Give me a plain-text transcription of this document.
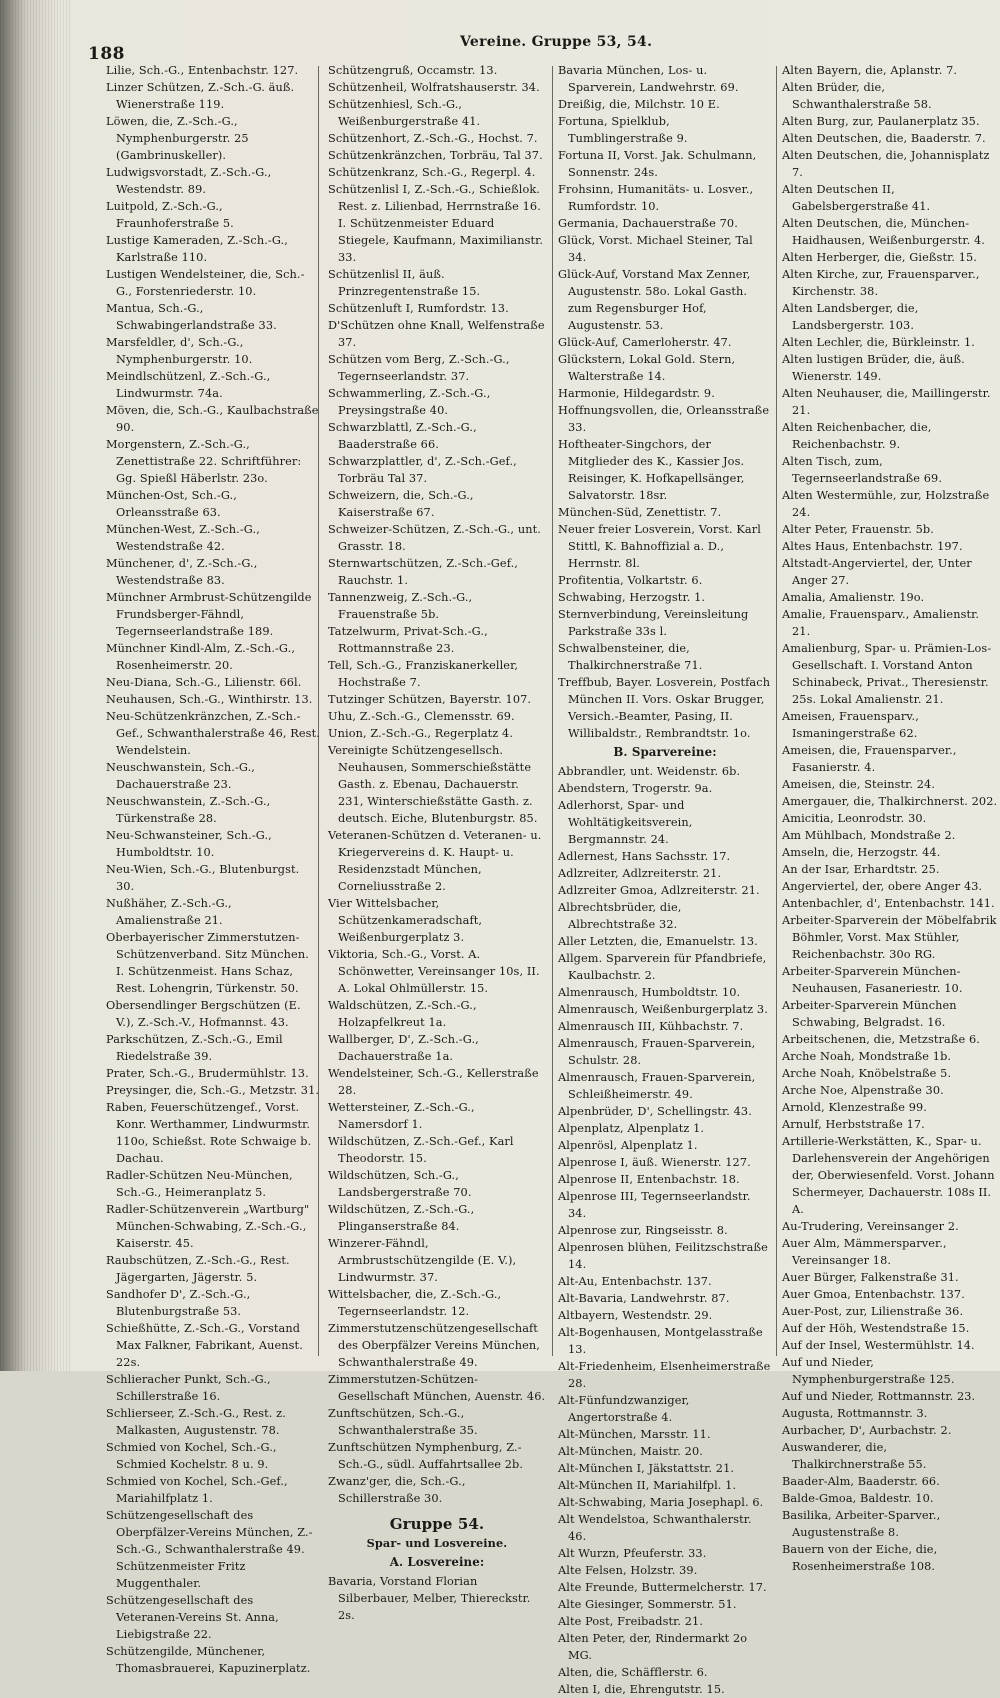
188
Vereine. Gruppe 53, 54.

Lilie, Sch.-G., Entenbachstr. 127.

Linzer Schützen, Z.-Sch.-G. äuß. Wienerstraße 119.

Löwen, die, Z.-Sch.-G., Nymphenburgerstr. 25 (Gambrinuskeller).

Ludwigsvorstadt, Z.-Sch.-G., Westendstr. 89.

Luitpold, Z.-Sch.-G., Fraunhoferstraße 5.

Lustige Kameraden, Z.-Sch.-G., Karlstraße 110.

Lustigen Wendelsteiner, die, Sch.-G., Forstenriederstr. 10.

Mantua, Sch.-G., Schwabingerlandstraße 33.

Marsfeldler, d', Sch.-G., Nymphenburgerstr. 10.

Meindlschützenl, Z.-Sch.-G., Lindwurmstr. 74a.

Möven, die, Sch.-G., Kaulbachstraße 90.

Morgenstern, Z.-Sch.-G., Zenettistraße 22. Schriftführer: Gg. Spießl Häberlstr. 23o.

München-Ost, Sch.-G., Orleansstraße 63.

München-West, Z.-Sch.-G., Westendstraße 42.

Münchener, d', Z.-Sch.-G., Westendstraße 83.

Münchner Armbrust-Schützengilde Frundsberger-Fähndl, Tegernseerlandstraße 189.

Münchner Kindl-Alm, Z.-Sch.-G., Rosenheimerstr. 20.

Neu-Diana, Sch.-G., Lilienstr. 66l.

Neuhausen, Sch.-G., Winthirstr. 13.

Neu-Schützenkränzchen, Z.-Sch.-Gef., Schwanthalerstraße 46, Rest. Wendelstein.

Neuschwanstein, Sch.-G., Dachauerstraße 23.

Neuschwanstein, Z.-Sch.-G., Türkenstraße 28.

Neu-Schwansteiner, Sch.-G., Humboldtstr. 10.

Neu-Wien, Sch.-G., Blutenburgst. 30.

Nußhäher, Z.-Sch.-G., Amalienstraße 21.

Oberbayerischer Zimmerstutzen-Schützenverband. Sitz München. I. Schützenmeist. Hans Schaz, Rest. Lohengrin, Türkenstr. 50.

Obersendlinger Bergschützen (E. V.), Z.-Sch.-V., Hofmannst. 43.

Parkschützen, Z.-Sch.-G., Emil Riedelstraße 39.

Prater, Sch.-G., Brudermühlstr. 13.

Preysinger, die, Sch.-G., Metzstr. 31.

Raben, Feuerschützengef., Vorst. Konr. Werthammer, Lindwurmstr. 110o, Schießst. Rote Schwaige b. Dachau.

Radler-Schützen Neu-München, Sch.-G., Heimeranplatz 5.

Radler-Schützenverein „Wartburg" München-Schwabing, Z.-Sch.-G., Kaiserstr. 45.

Raubschützen, Z.-Sch.-G., Rest. Jägergarten, Jägerstr. 5.

Sandhofer D', Z.-Sch.-G., Blutenburgstraße 53.

Schießhütte, Z.-Sch.-G., Vorstand Max Falkner, Fabrikant, Auenst. 22s.

Schlieracher Punkt, Sch.-G., Schillerstraße 16.

Schlierseer, Z.-Sch.-G., Rest. z. Malkasten, Augustenstr. 78.

Schmied von Kochel, Sch.-G., Schmied Kochelstr. 8 u. 9.

Schmied von Kochel, Sch.-Gef., Mariahilfplatz 1.

Schützengesellschaft des Oberpfälzer-Vereins München, Z.-Sch.-G., Schwanthalerstraße 49. Schützenmeister Fritz Muggenthaler.

Schützengesellschaft des Veteranen-Vereins St. Anna, Liebigstraße 22.

Schützengilde, Münchener, Thomasbrauerei, Kapuzinerplatz.

Schützengruß, Occamstr. 13.

Schützenheil, Wolfratshauserstr. 34.

Schützenhiesl, Sch.-G., Weißenburgerstraße 41.

Schützenhort, Z.-Sch.-G., Hochst. 7.

Schützenkränzchen, Torbräu, Tal 37.

Schützenkranz, Sch.-G., Regerpl. 4.

Schützenlisl I, Z.-Sch.-G., Schießlok. Rest. z. Lilienbad, Herrnstraße 16. I. Schützenmeister Eduard Stiegele, Kaufmann, Maximilianstr. 33.

Schützenlisl II, äuß. Prinzregentenstraße 15.

Schützenluft I, Rumfordstr. 13.

D'Schützen ohne Knall, Welfenstraße 37.

Schützen vom Berg, Z.-Sch.-G., Tegernseerlandstr. 37.

Schwammerling, Z.-Sch.-G., Preysingstraße 40.

Schwarzblattl, Z.-Sch.-G., Baaderstraße 66.

Schwarzplattler, d', Z.-Sch.-Gef., Torbräu Tal 37.

Schweizern, die, Sch.-G., Kaiserstraße 67.

Schweizer-Schützen, Z.-Sch.-G., unt. Grasstr. 18.

Sternwartschützen, Z.-Sch.-Gef., Rauchstr. 1.

Tannenzweig, Z.-Sch.-G., Frauenstraße 5b.

Tatzelwurm, Privat-Sch.-G., Rottmannstraße 23.

Tell, Sch.-G., Franziskanerkeller, Hochstraße 7.

Tutzinger Schützen, Bayerstr. 107.

Uhu, Z.-Sch.-G., Clemensstr. 69.

Union, Z.-Sch.-G., Regerplatz 4.

Vereinigte Schützengesellsch. Neuhausen, Sommerschießstätte Gasth. z. Ebenau, Dachauerstr. 231, Winterschießstätte Gasth. z. deutsch. Eiche, Blutenburgstr. 85.

Veteranen-Schützen d. Veteranen- u. Kriegervereins d. K. Haupt- u. Residenzstadt München, Corneliusstraße 2.

Vier Wittelsbacher, Schützenkameradschaft, Weißenburgerplatz 3.

Viktoria, Sch.-G., Vorst. A. Schönwetter, Vereinsanger 10s, II. A. Lokal Ohlmüllerstr. 15.

Waldschützen, Z.-Sch.-G., Holzapfelkreut 1a.

Wallberger, D', Z.-Sch.-G., Dachauerstraße 1a.

Wendelsteiner, Sch.-G., Kellerstraße 28.

Wettersteiner, Z.-Sch.-G., Namersdorf 1.

Wildschützen, Z.-Sch.-Gef., Karl Theodorstr. 15.

Wildschützen, Sch.-G., Landsbergerstraße 70.

Wildschützen, Z.-Sch.-G., Plinganserstraße 84.

Winzerer-Fähndl, Armbrustschützengilde (E. V.), Lindwurmstr. 37.

Wittelsbacher, die, Z.-Sch.-G., Tegernseerlandstr. 12.

Zimmerstutzenschützengesellschaft des Oberpfälzer Vereins München, Schwanthalerstraße 49.

Zimmerstutzen-Schützen-Gesellschaft München, Auenstr. 46.

Zunftschützen, Sch.-G., Schwanthalerstraße 35.

Zunftschützen Nymphenburg, Z.-Sch.-G., südl. Auffahrtsallee 2b.

Zwanz'ger, die, Sch.-G., Schillerstraße 30.

Gruppe 54.
Spar- und Losvereine.
A. Losvereine:

Bavaria, Vorstand Florian Silberbauer, Melber, Thiereckstr. 2s.

Bavaria München, Los- u. Sparverein, Landwehrstr. 69.

Dreißig, die, Milchstr. 10 E.

Fortuna, Spielklub, Tumblingerstraße 9.

Fortuna II, Vorst. Jak. Schulmann, Sonnenstr. 24s.

Frohsinn, Humanitäts- u. Losver., Rumfordstr. 10.

Germania, Dachauerstraße 70.

Glück, Vorst. Michael Steiner, Tal 34.

Glück-Auf, Vorstand Max Zenner, Augustenstr. 58o. Lokal Gasth. zum Regensburger Hof, Augustenstr. 53.

Glück-Auf, Camerloherstr. 47.

Glückstern, Lokal Gold. Stern, Walterstraße 14.

Harmonie, Hildegardstr. 9.

Hoffnungsvollen, die, Orleansstraße 33.

Hoftheater-Singchors, der Mitglieder des K., Kassier Jos. Reisinger, K. Hofkapellsänger, Salvatorstr. 18sr.

München-Süd, Zenettistr. 7.

Neuer freier Losverein, Vorst. Karl Stittl, K. Bahnoffizial a. D., Herrnstr. 8l.

Profitentia, Volkartstr. 6.

Schwabing, Herzogstr. 1.

Sternverbindung, Vereinsleitung Parkstraße 33s l.

Schwalbensteiner, die, Thalkirchnerstraße 71.

Treffbub, Bayer. Losverein, Postfach München II. Vors. Oskar Brugger, Versich.-Beamter, Pasing, II. Willibaldstr., Rembrandtstr. 1o.

B. Sparvereine:

Abbrandler, unt. Weidenstr. 6b.

Abendstern, Trogerstr. 9a.

Adlerhorst, Spar- und Wohltätigkeitsverein, Bergmannstr. 24.

Adlernest, Hans Sachsstr. 17.

Adlzreiter, Adlzreiterstr. 21.

Adlzreiter Gmoa, Adlzreiterstr. 21.

Albrechtsbrüder, die, Albrechtstraße 32.

Aller Letzten, die, Emanuelstr. 13.

Allgem. Sparverein für Pfandbriefe, Kaulbachstr. 2.

Almenrausch, Humboldtstr. 10.

Almenrausch, Weißenburgerplatz 3.

Almenrausch III, Kühbachstr. 7.

Almenrausch, Frauen-Sparverein, Schulstr. 28.

Almenrausch, Frauen-Sparverein, Schleißheimerstr. 49.

Alpenbrüder, D', Schellingstr. 43.

Alpenplatz, Alpenplatz 1.

Alpenrösl, Alpenplatz 1.

Alpenrose I, äuß. Wienerstr. 127.

Alpenrose II, Entenbachstr. 18.

Alpenrose III, Tegernseerlandstr. 34.

Alpenrose zur, Ringseisstr. 8.

Alpenrosen blühen, Feilitzschstraße 14.

Alt-Au, Entenbachstr. 137.

Alt-Bavaria, Landwehrstr. 87.

Altbayern, Westendstr. 29.

Alt-Bogenhausen, Montgelasstraße 13.

Alt-Friedenheim, Elsenheimerstraße 28.

Alt-Fünfundzwanziger, Angertorstraße 4.

Alt-München, Marsstr. 11.

Alt-München, Maistr. 20.

Alt-München I, Jäkstattstr. 21.

Alt-München II, Mariahilfpl. 1.

Alt-Schwabing, Maria Josephapl. 6.

Alt Wendelstoa, Schwanthalerstr. 46.

Alt Wurzn, Pfeuferstr. 33.

Alte Felsen, Holzstr. 39.

Alte Freunde, Buttermelcherstr. 17.

Alte Giesinger, Sommerstr. 51.

Alte Post, Freibadstr. 21.

Alten Peter, der, Rindermarkt 2o MG.

Alten, die, Schäfflerstr. 6.

Alten I, die, Ehrengutstr. 15.

Alten Bayern, die, Aplanstr. 7.

Alten Brüder, die, Schwanthalerstraße 58.

Alten Burg, zur, Paulanerplatz 35.

Alten Deutschen, die, Baaderstr. 7.

Alten Deutschen, die, Johannisplatz 7.

Alten Deutschen II, Gabelsbergerstraße 41.

Alten Deutschen, die, München-Haidhausen, Weißenburgerstr. 4.

Alten Herberger, die, Gießstr. 15.

Alten Kirche, zur, Frauensparver., Kirchenstr. 38.

Alten Landsberger, die, Landsbergerstr. 103.

Alten Lechler, die, Bürkleinstr. 1.

Alten lustigen Brüder, die, äuß. Wienerstr. 149.

Alten Neuhauser, die, Maillingerstr. 21.

Alten Reichenbacher, die, Reichenbachstr. 9.

Alten Tisch, zum, Tegernseerlandstraße 69.

Alten Westermühle, zur, Holzstraße 24.

Alter Peter, Frauenstr. 5b.

Altes Haus, Entenbachstr. 197.

Altstadt-Angerviertel, der, Unter Anger 27.

Amalia, Amalienstr. 19o.

Amalie, Frauensparv., Amalienstr. 21.

Amalienburg, Spar- u. Prämien-Los-Gesellschaft. I. Vorstand Anton Schinabeck, Privat., Theresienstr. 25s. Lokal Amalienstr. 21.

Ameisen, Frauensparv., Ismaningerstraße 62.

Ameisen, die, Frauensparver., Fasanierstr. 4.

Ameisen, die, Steinstr. 24.

Amergauer, die, Thalkirchnerst. 202.

Amicitia, Leonrodstr. 30.

Am Mühlbach, Mondstraße 2.

Amseln, die, Herzogstr. 44.

An der Isar, Erhardtstr. 25.

Angerviertel, der, obere Anger 43.

Antenbachler, d', Entenbachstr. 141.

Arbeiter-Sparverein der Möbelfabrik Böhmler, Vorst. Max Stühler, Reichenbachstr. 30o RG.

Arbeiter-Sparverein München-Neuhausen, Fasaneriestr. 10.

Arbeiter-Sparverein München Schwabing, Belgradst. 16.

Arbeitschenen, die, Metzstraße 6.

Arche Noah, Mondstraße 1b.

Arche Noah, Knöbelstraße 5.

Arche Noe, Alpenstraße 30.

Arnold, Klenzestraße 99.

Arnulf, Herbststraße 17.

Artillerie-Werkstätten, K., Spar- u. Darlehensverein der Angehörigen der, Oberwiesenfeld. Vorst. Johann Schermeyer, Dachauerstr. 108s II. A.

Au-Trudering, Vereinsanger 2.

Auer Alm, Mämmersparver., Vereinsanger 18.

Auer Bürger, Falkenstraße 31.

Auer Gmoa, Entenbachstr. 137.

Auer-Post, zur, Lilienstraße 36.

Auf der Höh, Westendstraße 15.

Auf der Insel, Westermühlstr. 14.

Auf und Nieder, Nymphenburgerstraße 125.

Auf und Nieder, Rottmannstr. 23.

Augusta, Rottmannstr. 3.

Aurbacher, D', Aurbachstr. 2.

Auswanderer, die, Thalkirchnerstraße 55.

Baader-Alm, Baaderstr. 66.

Balde-Gmoa, Baldestr. 10.

Basilika, Arbeiter-Sparver., Augustenstraße 8.

Bauern von der Eiche, die, Rosenheimerstraße 108.
